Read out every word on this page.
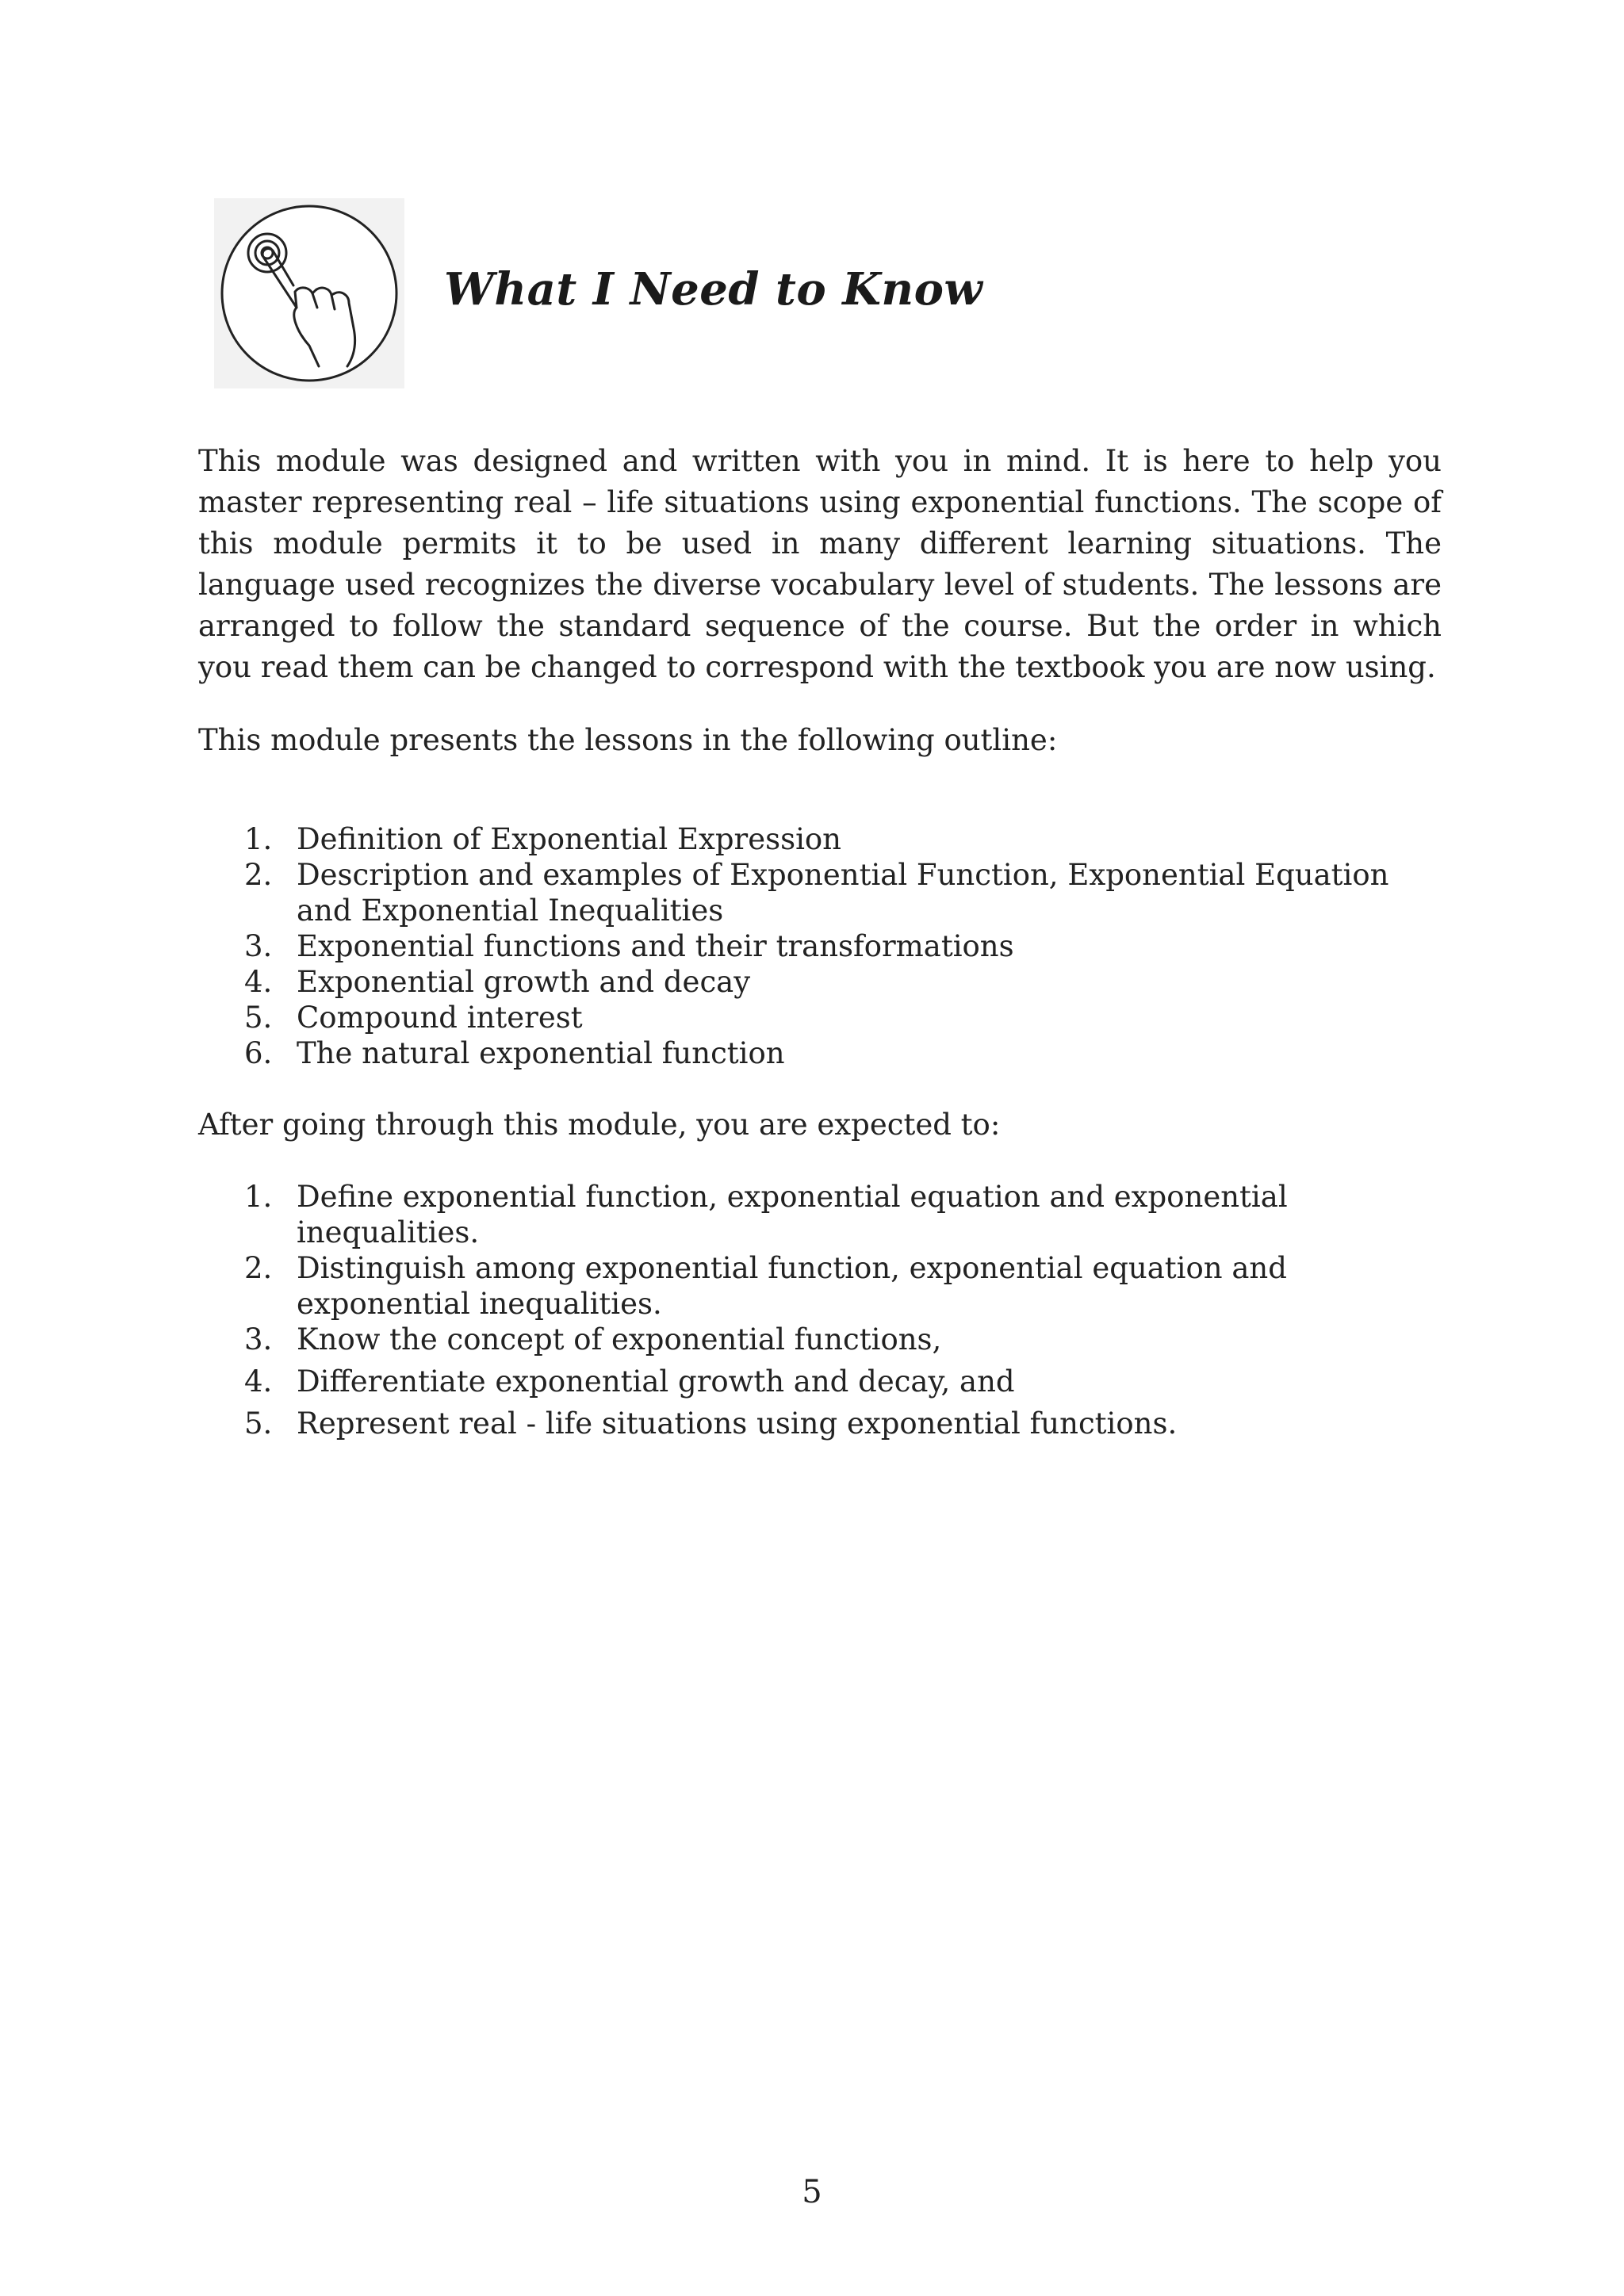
What I Need to Know

This module was designed and written with you in mind. It is here to help you master representing real – life situations using exponential functions. The scope of this module permits it to be used in many different learning situations. The language used recognizes the diverse vocabulary level of students. The lessons are arranged to follow the standard sequence of the course. But the order in which you read them can be changed to correspond with the textbook you are now using.

This module presents the lessons in the following outline:

1. Definition of Exponential Expression
2. Description and examples of Exponential Function, Exponential Equation and Exponential Inequalities
3. Exponential functions and their transformations
4. Exponential growth and decay
5. Compound interest
6. The natural exponential function

After going through this module, you are expected to:

1. Define exponential function, exponential equation and exponential inequalities.
2. Distinguish among exponential function, exponential equation and exponential inequalities.
3. Know the concept of exponential functions,
4. Differentiate exponential growth and decay, and
5. Represent real - life situations using exponential functions.
5
